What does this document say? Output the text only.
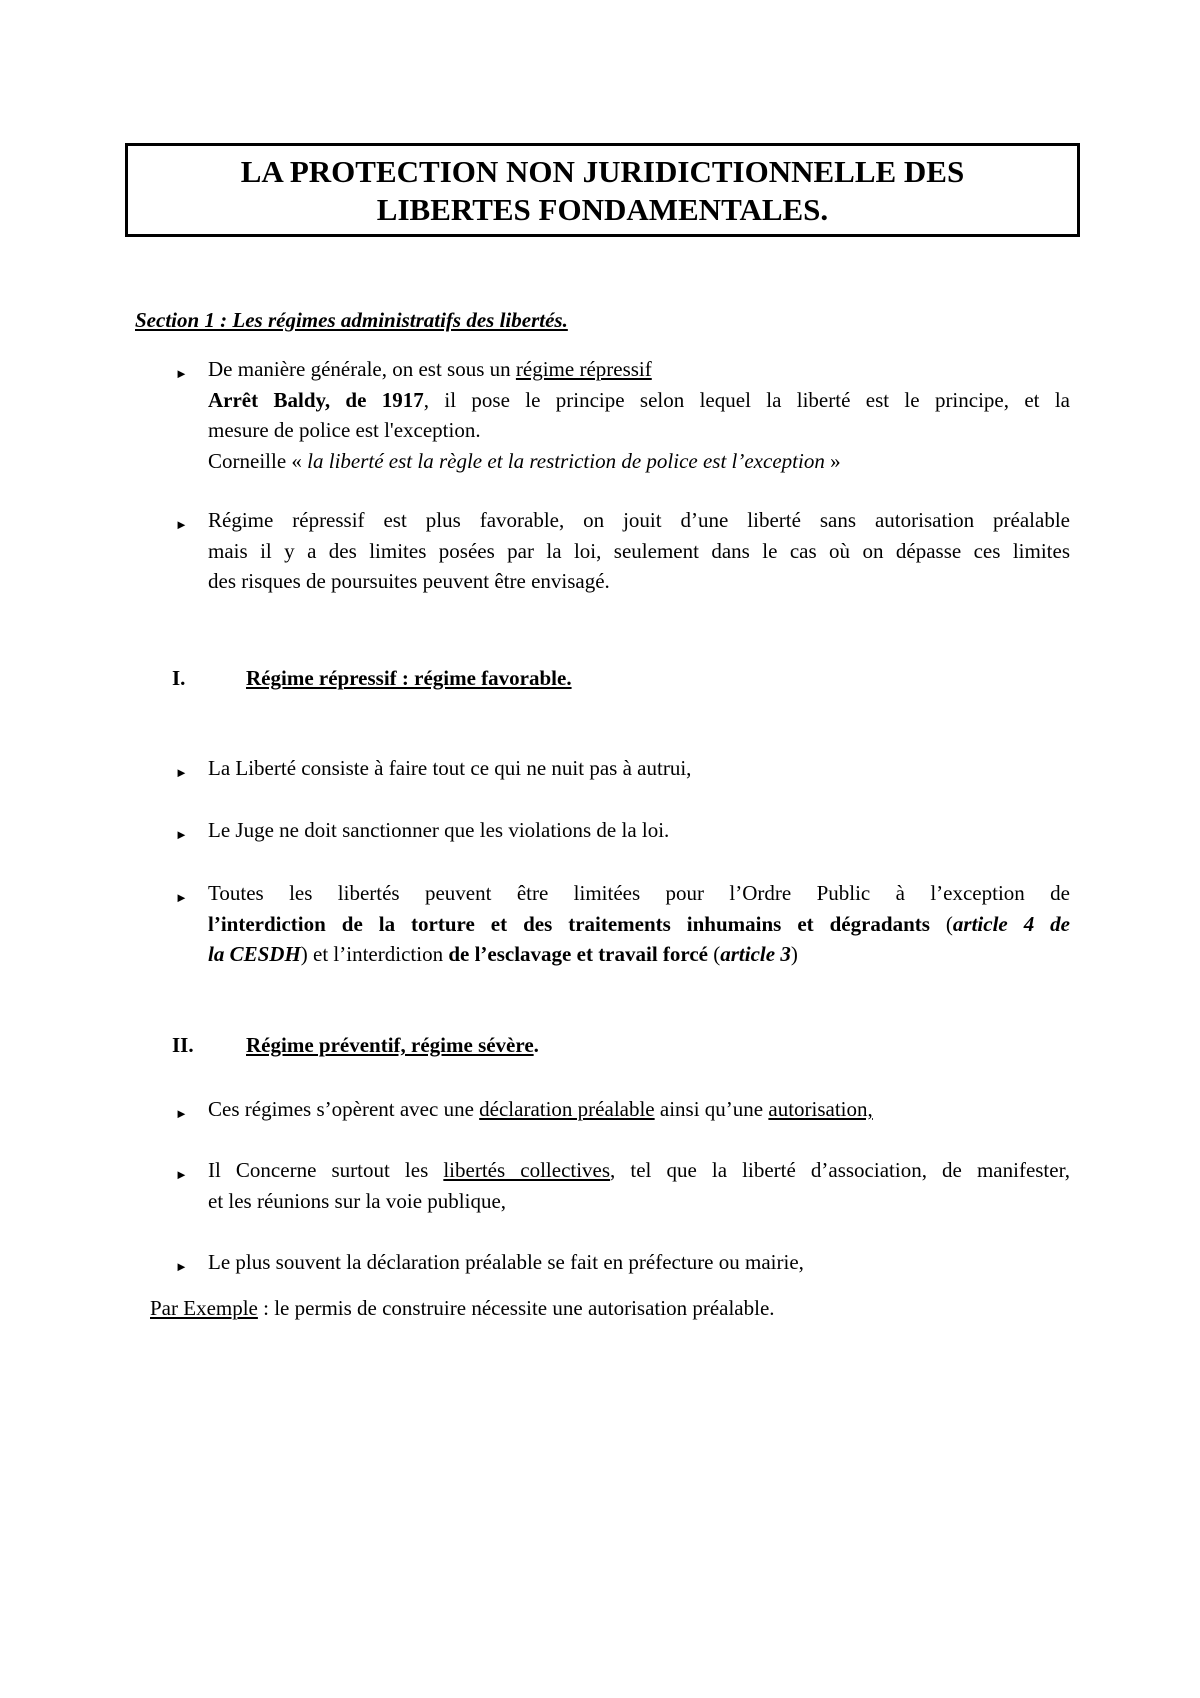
LA PROTECTION NON JURIDICTIONNELLE DES
LIBERTES FONDAMENTALES.
Section 1 : Les régimes administratifs des libertés.
► De manière générale, on est sous un régime répressif
Arrêt Baldy, de 1917, il pose le principe selon lequel la liberté est le principe, et la
mesure de police est l'exception.
Corneille « la liberté est la règle et la restriction de police est l’exception »
► Régime répressif est plus favorable, on jouit d’une liberté sans autorisation préalable
mais il y a des limites posées par la loi, seulement dans le cas où on dépasse ces limites
des risques de poursuites peuvent être envisagé.
I.	Régime répressif : régime favorable.
► La Liberté consiste à faire tout ce qui ne nuit pas à autrui,
► Le Juge ne doit sanctionner que les violations de la loi.
► Toutes les libertés peuvent être limitées pour l’Ordre Public à l’exception de
l’interdiction de la torture et des traitements inhumains et dégradants (article 4 de
la CESDH) et l’interdiction de l’esclavage et travail forcé (article 3)
II. Régime préventif, régime sévère.
► Ces régimes s’opèrent avec une déclaration préalable ainsi qu’une autorisation,
► Il Concerne surtout les libertés collectives, tel que la liberté d’association, de manifester,
et les réunions sur la voie publique,
► Le plus souvent la déclaration préalable se fait en préfecture ou mairie,
Par Exemple : le permis de construire nécessite une autorisation préalable.
